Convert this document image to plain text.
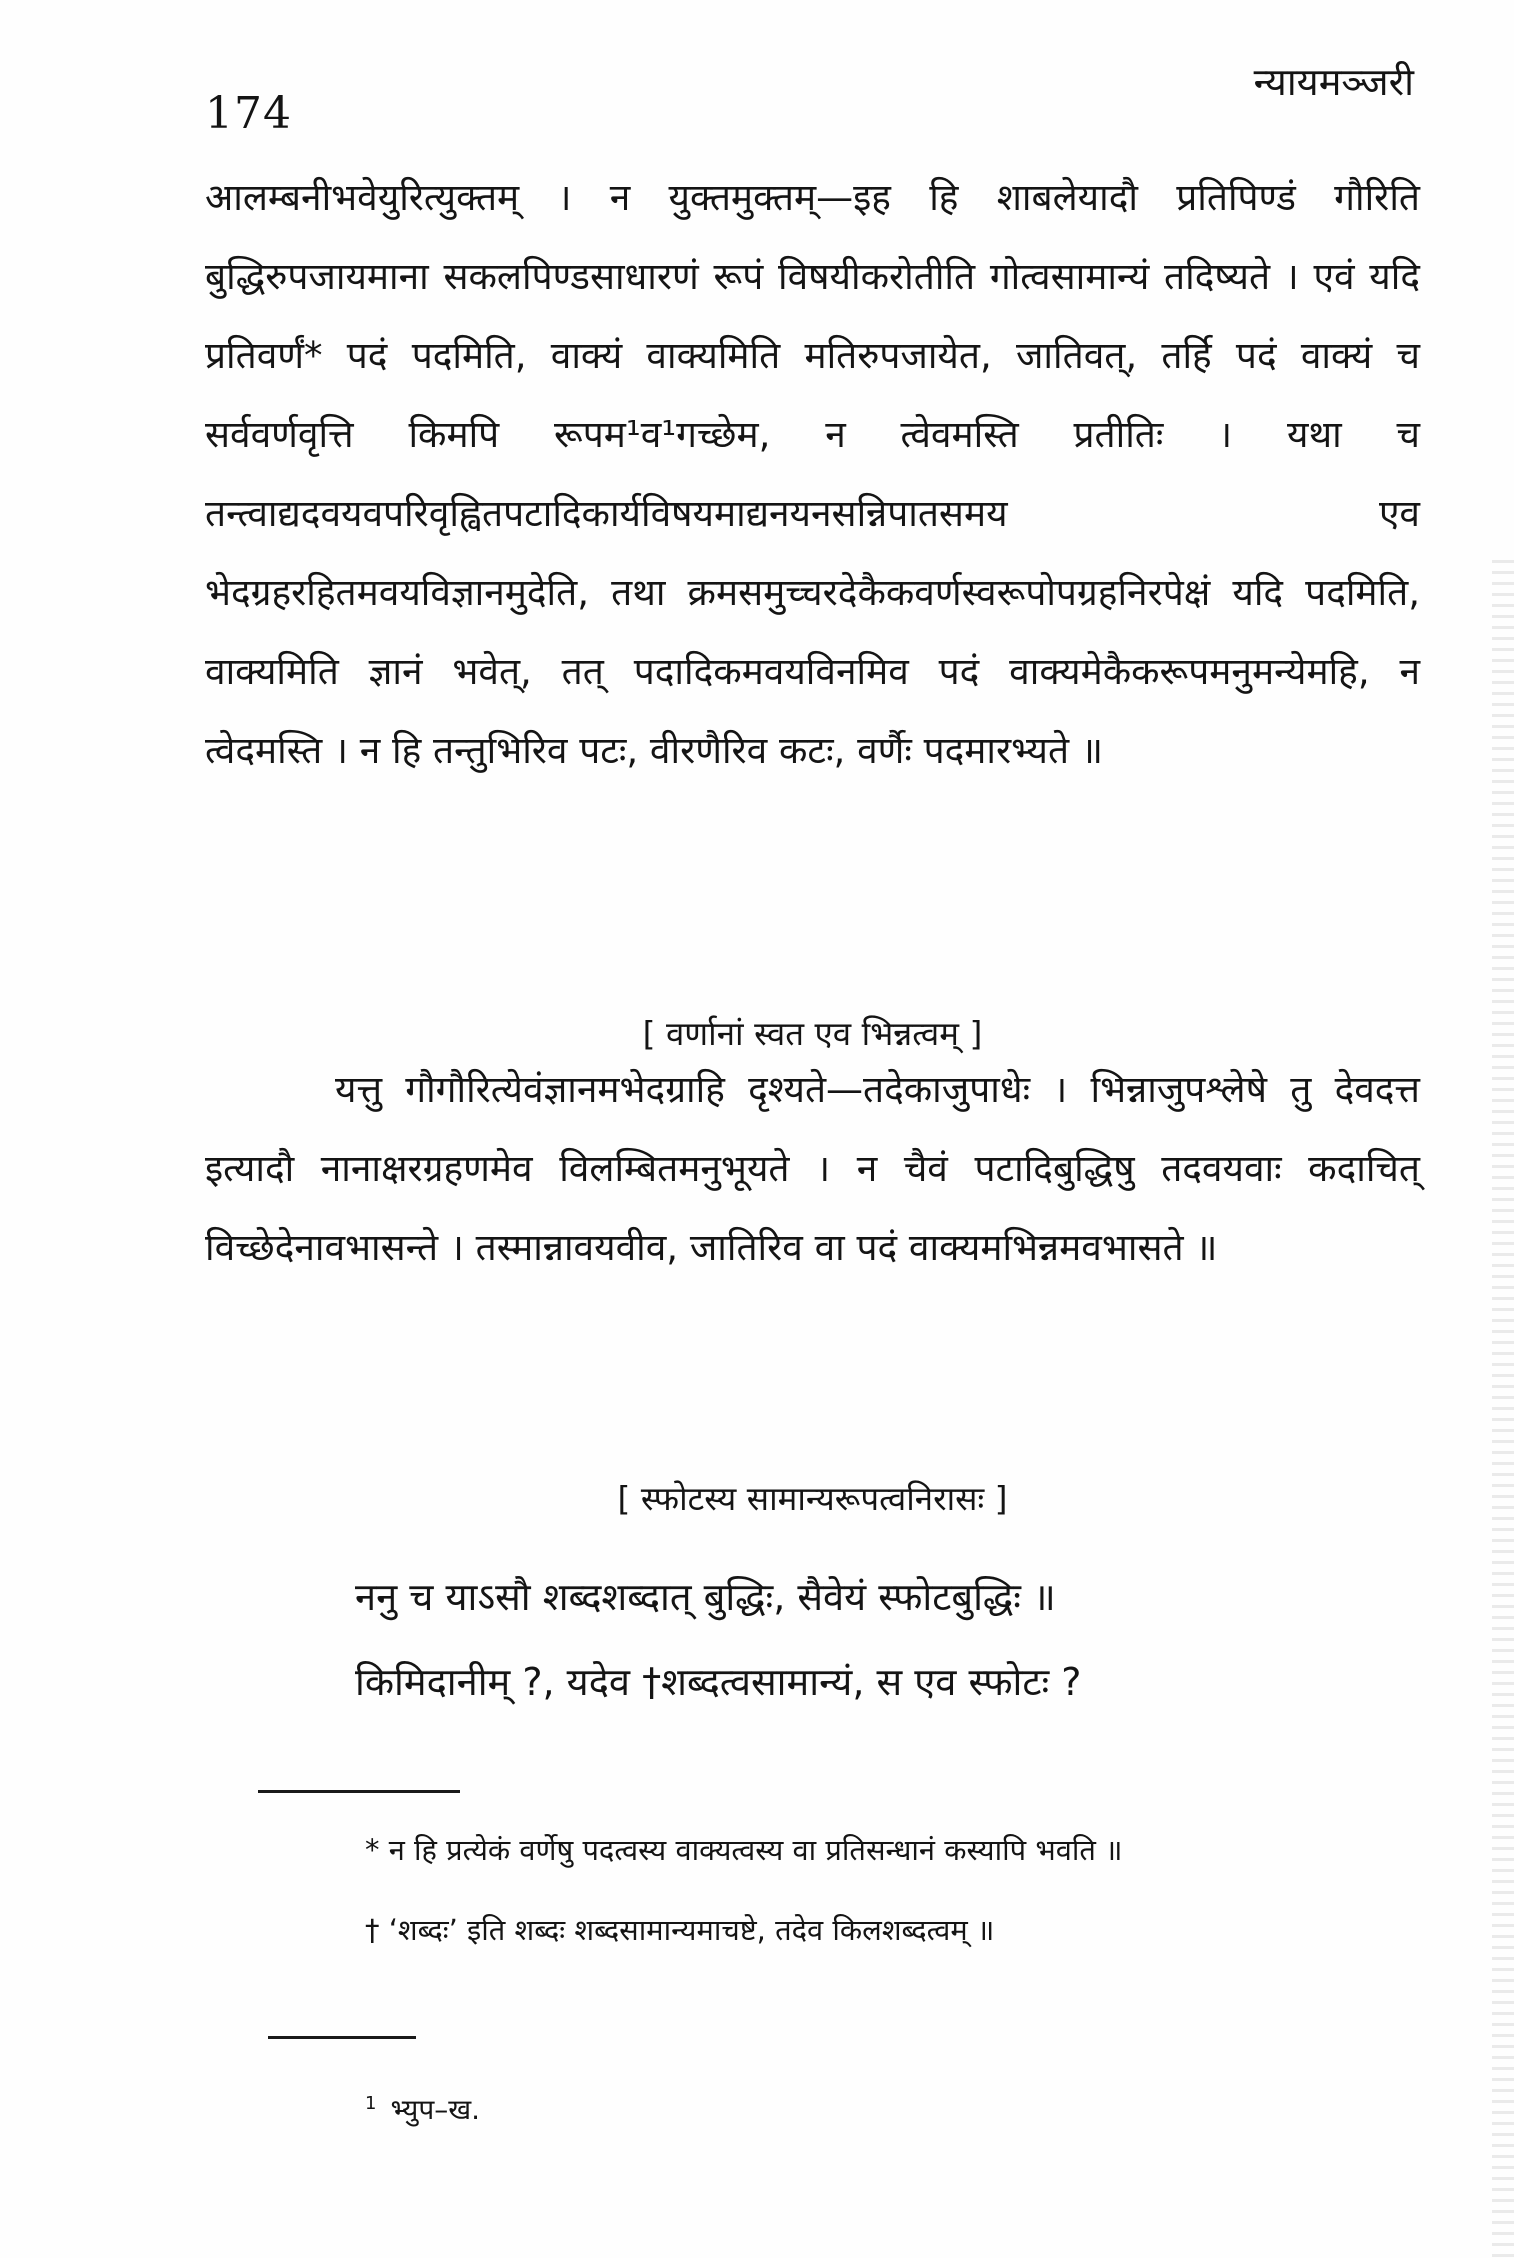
174
न्यायमञ्जरी

आलम्बनीभवेयुरित्युक्तम् । न युक्तमुक्तम्—इह हि शाबलेयादौ प्रतिपिण्डं गौरिति बुद्धिरुपजायमाना सकलपिण्डसाधारणं रूपं विषयीकरोतीति गोत्वसामान्यं तदिष्यते । एवं यदि प्रतिवर्णं* पदं पदमिति, वाक्यं वाक्यमिति मतिरुपजायेत, जातिवत्, तर्हि पदं वाक्यं च सर्ववर्णवृत्ति किमपि रूपम¹व¹गच्छेम, न त्वेवमस्ति प्रतीतिः । यथा च तन्त्वाद्यदवयवपरिवृह्वितपटादिकार्यविषयमाद्यनयनसन्निपातसमय एव भेदग्रहरहितमवयविज्ञानमुदेति, तथा क्रमसमुच्चरदेकैकवर्णस्वरूपोपग्रहनिरपेक्षं यदि पदमिति, वाक्यमिति ज्ञानं भवेत्, तत् पदादिकमवयविनमिव पदं वाक्यमेकैकरूपमनुमन्येमहि, न त्वेदमस्ति । न हि तन्तुभिरिव पटः, वीरणैरिव कटः, वर्णैः पदमारभ्यते ॥

[ वर्णानां स्वत एव भिन्नत्वम् ]

यत्तु गौगौरित्येवंज्ञानमभेदग्राहि दृश्यते—तदेकाजुपाधेः । भिन्नाजुपश्लेषे तु देवदत्त इत्यादौ नानाक्षरग्रहणमेव विलम्बितमनुभूयते । न चैवं पटादिबुद्धिषु तदवयवाः कदाचित् विच्छेदेनावभासन्ते । तस्मान्नावयवीव, जातिरिव वा पदं वाक्यमभिन्नमवभासते ॥

[ स्फोटस्य सामान्यरूपत्वनिरासः ]
ननु च याऽसौ शब्दशब्दात् बुद्धिः, सैवेयं स्फोटबुद्धिः ॥
किमिदानीम् ?, यदेव †शब्दत्वसामान्यं, स एव स्फोटः ?
* न हि प्रत्येकं वर्णेषु पदत्वस्य वाक्यत्वस्य वा प्रतिसन्धानं कस्यापि भवति ॥
† ‘शब्दः’ इति शब्दः शब्दसामान्यमाचष्टे, तदेव किलशब्दत्वम् ॥
$^1$ भ्युप–ख.
